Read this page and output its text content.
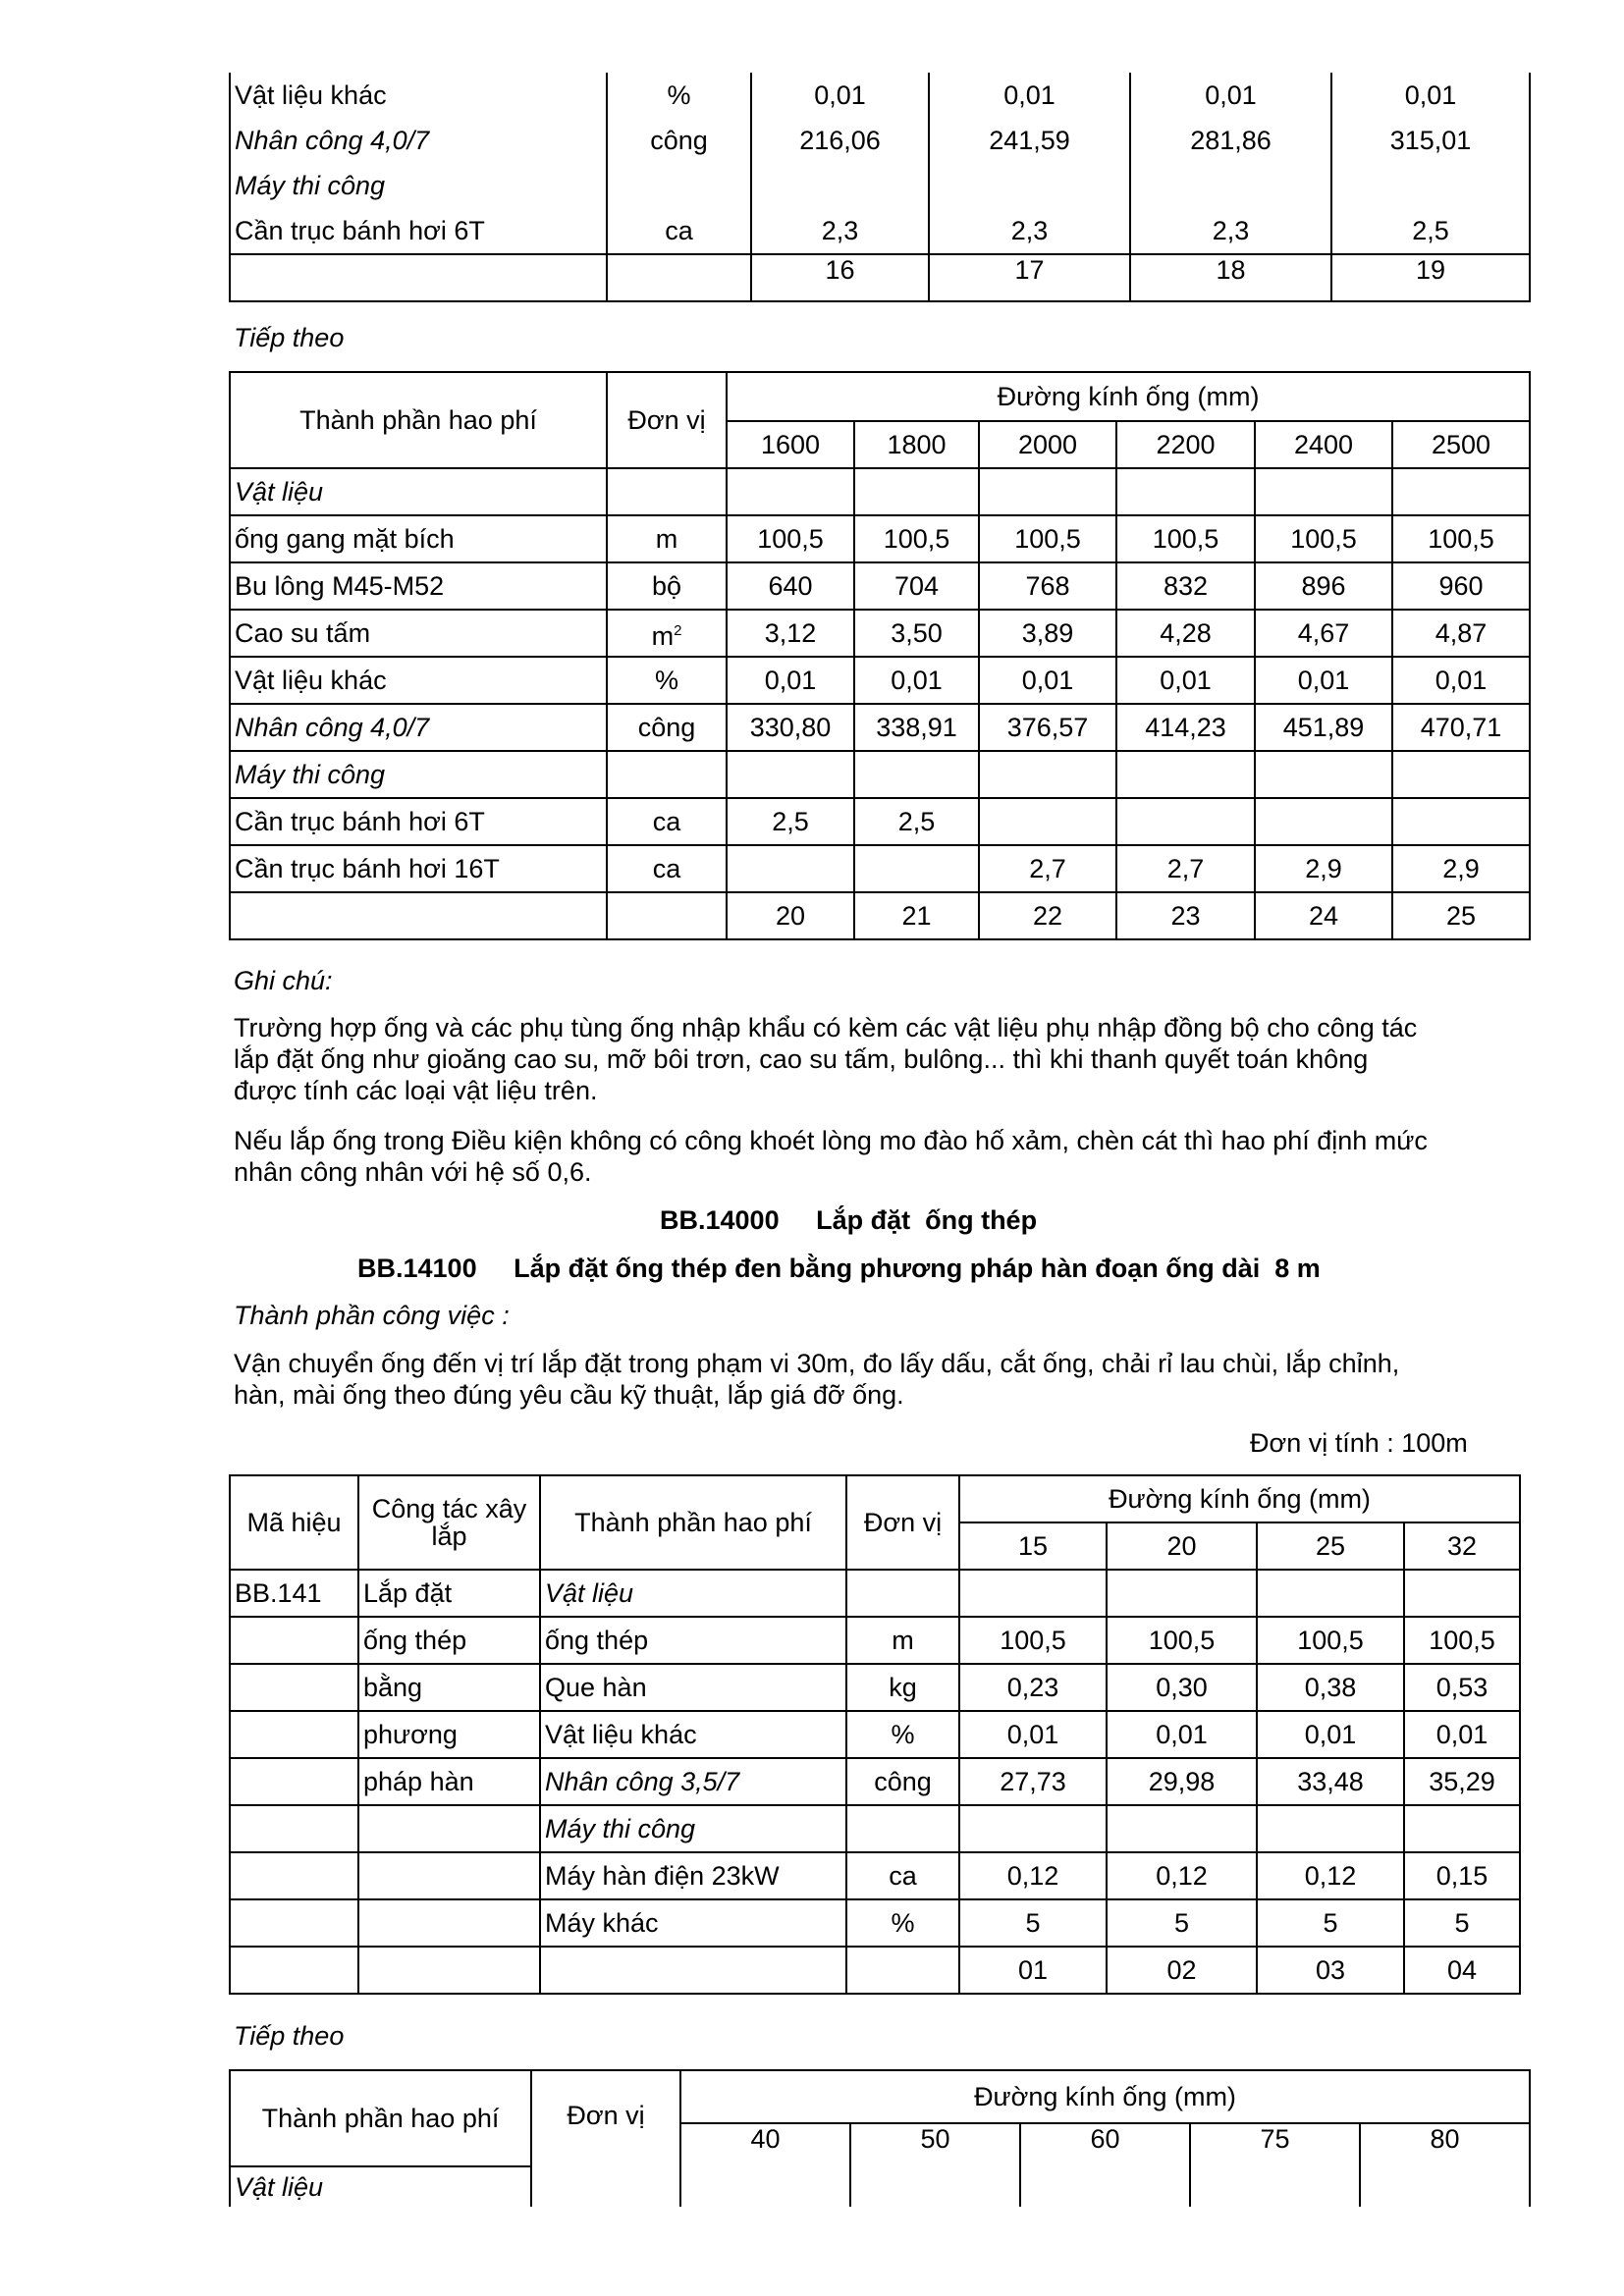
Vật liệu khác	%	0,01	0,01	0,01	0,01
Nhân công 4,0/7	công	216,06	241,59	281,86	315,01
Máy thi công					
Cần trục bánh hơi 6T	ca	2,3	2,3	2,3	2,5
		16	17	18	19
Tiếp theo
Thành phần hao phí	Đơn vị	Đường kính ống (mm)					
		1600	1800	2000	2200	2400	2500
Vật liệu							
ống gang mặt bích	m	100,5	100,5	100,5	100,5	100,5	100,5
Bu lông M45-M52	bộ	640	704	768	832	896	960
Cao su tấm	$m^2$	3,12	3,50	3,89	4,28	4,67	4,87
Vật liệu khác	%	0,01	0,01	0,01	0,01	0,01	0,01
Nhân công 4,0/7	công	330,80	338,91	376,57	414,23	451,89	470,71
Máy thi công							
Cần trục bánh hơi 6T	ca	2,5	2,5				
Cần trục bánh hơi 16T	ca			2,7	2,7	2,9	2,9
		20	21	22	23	24	25
Ghi chú:
Trường hợp ống và các phụ tùng ống nhập khẩu có kèm các vật liệu phụ nhập đồng bộ cho công tác
lắp đặt ống như gioăng cao su, mỡ bôi trơn, cao su tấm, bulông... thì khi thanh quyết toán không
được tính các loại vật liệu trên.
Nếu lắp ống trong Điều kiện không có công khoét lòng mo đào hố xảm, chèn cát thì hao phí định mức
nhân công nhân với hệ số 0,6.
BB.14000     Lắp đặt  ống thép
BB.14100     Lắp đặt ống thép đen bằng phương pháp hàn đoạn ống dài  8 m
Thành phần công việc :
Vận chuyển ống đến vị trí lắp đặt trong phạm vi 30m, đo lấy dấu, cắt ống, chải rỉ lau chùi, lắp chỉnh,
hàn, mài ống theo đúng yêu cầu kỹ thuật, lắp giá đỡ ống.
Đơn vị tính : 100m
Mã hiệu	Công tác xây
lắp	Thành phần hao phí	Đơn vị	Đường kính ống (mm)			
				15	20	25	32
BB.141	Lắp đặt	Vật liệu					
	ống thép	ống thép	m	100,5	100,5	100,5	100,5
	bằng	Que hàn	kg	0,23	0,30	0,38	0,53
	phương	Vật liệu khác	%	0,01	0,01	0,01	0,01
	pháp hàn	Nhân công 3,5/7	công	27,73	29,98	33,48	35,29
		Máy thi công					
		Máy hàn điện 23kW	ca	0,12	0,12	0,12	0,15
		Máy khác	%	5	5	5	5
				01	02	03	04
Tiếp theo
Thành phần hao phí	Đơn vị	Đường kính ống (mm)				
		40	50	60	75	80
Vật liệu						
